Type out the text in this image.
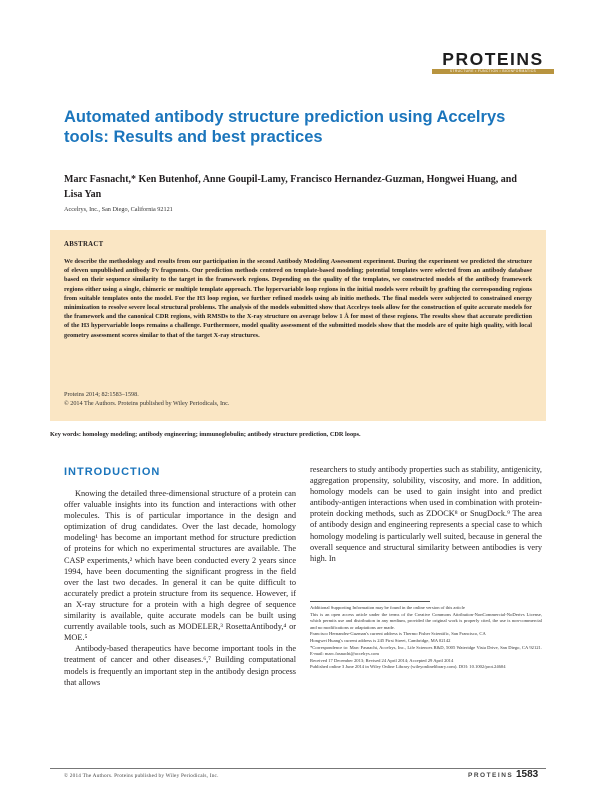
PROTEINS
STRUCTURE • FUNCTION • BIOINFORMATICS
Automated antibody structure prediction using Accelrys tools: Results and best practices
Marc Fasnacht,* Ken Butenhof, Anne Goupil-Lamy, Francisco Hernandez-Guzman, Hongwei Huang, and Lisa Yan
Accelrys, Inc., San Diego, California 92121
ABSTRACT
We describe the methodology and results from our participation in the second Antibody Modeling Assessment experiment. During the experiment we predicted the structure of eleven unpublished antibody Fv fragments. Our prediction methods centered on template-based modeling; potential templates were selected from an antibody database based on their sequence similarity to the target in the framework regions. Depending on the quality of the templates, we constructed models of the antibody framework regions either using a single, chimeric or multiple template approach. The hypervariable loop regions in the initial models were rebuilt by grafting the corresponding regions from suitable templates onto the model. For the H3 loop region, we further refined models using ab initio methods. The final models were subjected to constrained energy minimization to resolve severe local structural problems. The analysis of the models submitted show that Accelrys tools allow for the construction of quite accurate models for the framework and the canonical CDR regions, with RMSDs to the X-ray structure on average below 1 Å for most of these regions. The results show that accurate prediction of the H3 hypervariable loops remains a challenge. Furthermore, model quality assessment of the submitted models show that the models are of quite high quality, with local geometry assessment scores similar to that of the target X-ray structures.
Proteins 2014; 82:1583–1598.
© 2014 The Authors. Proteins published by Wiley Periodicals, Inc.
Key words: homology modeling; antibody engineering; immunoglobulin; antibody structure prediction, CDR loops.
INTRODUCTION

Knowing the detailed three-dimensional structure of a protein can offer valuable insights into its function and interactions with other molecules. This is of particular importance in the design and optimization of drug candidates. Over the last decade, homology modeling¹ has become an important method for structure prediction of proteins for which no experimental structures are available. The CASP experiments,² which have been conducted every 2 years since 1994, have been documenting the significant progress in the field over the last two decades. In general it can be quite difficult to accurately predict a protein structure from its sequence. However, if an X-ray structure for a protein with a high degree of sequence similarity is available, quite accurate models can be built using currently available tools, such as MODELER,³ RosettaAntibody,⁴ or MOE.⁵

Antibody-based therapeutics have become important tools in the treatment of cancer and other diseases.⁶,⁷ Building computational models is frequently an important step in the antibody design process that allows

researchers to study antibody properties such as stability, antigenicity, aggregation propensity, solubility, viscosity, and more. In addition, homology models can be used to gain insight into and predict antibody-antigen interactions when used in combination with protein-protein docking methods, such as ZDOCK⁸ or SnugDock.⁹ The area of antibody design and engineering represents a special case to which homology modeling is particularly well suited, because in general the overall sequence and structural similarity between antibodies is very high. In

Additional Supporting Information may be found in the online version of this article

This is an open access article under the terms of the Creative Commons Attribution-NonCommercial-NoDerivs License, which permits use and distribution in any medium, provided the original work is properly cited, the use is non-commercial and no modifications or adaptations are made.

Francisco Hernandez-Guzman's current address is Thermo Fisher Scientific, San Francisco, CA

Hongwei Huang's current address is 245 First Street, Cambridge, MA 02142

*Correspondence to: Marc Fasnacht, Accelrys, Inc., Life Sciences R&D, 5005 Wateridge Vista Drive, San Diego, CA 92121. E-mail: marc.fasnacht@accelrys.com

Received 17 December 2013; Revised 24 April 2014; Accepted 29 April 2014

Published online 3 June 2014 in Wiley Online Library (wileyonlinelibrary.com). DOI: 10.1002/prot.24604

© 2014 The Authors. Proteins published by Wiley Periodicals, Inc.	PROTEINS 1583
